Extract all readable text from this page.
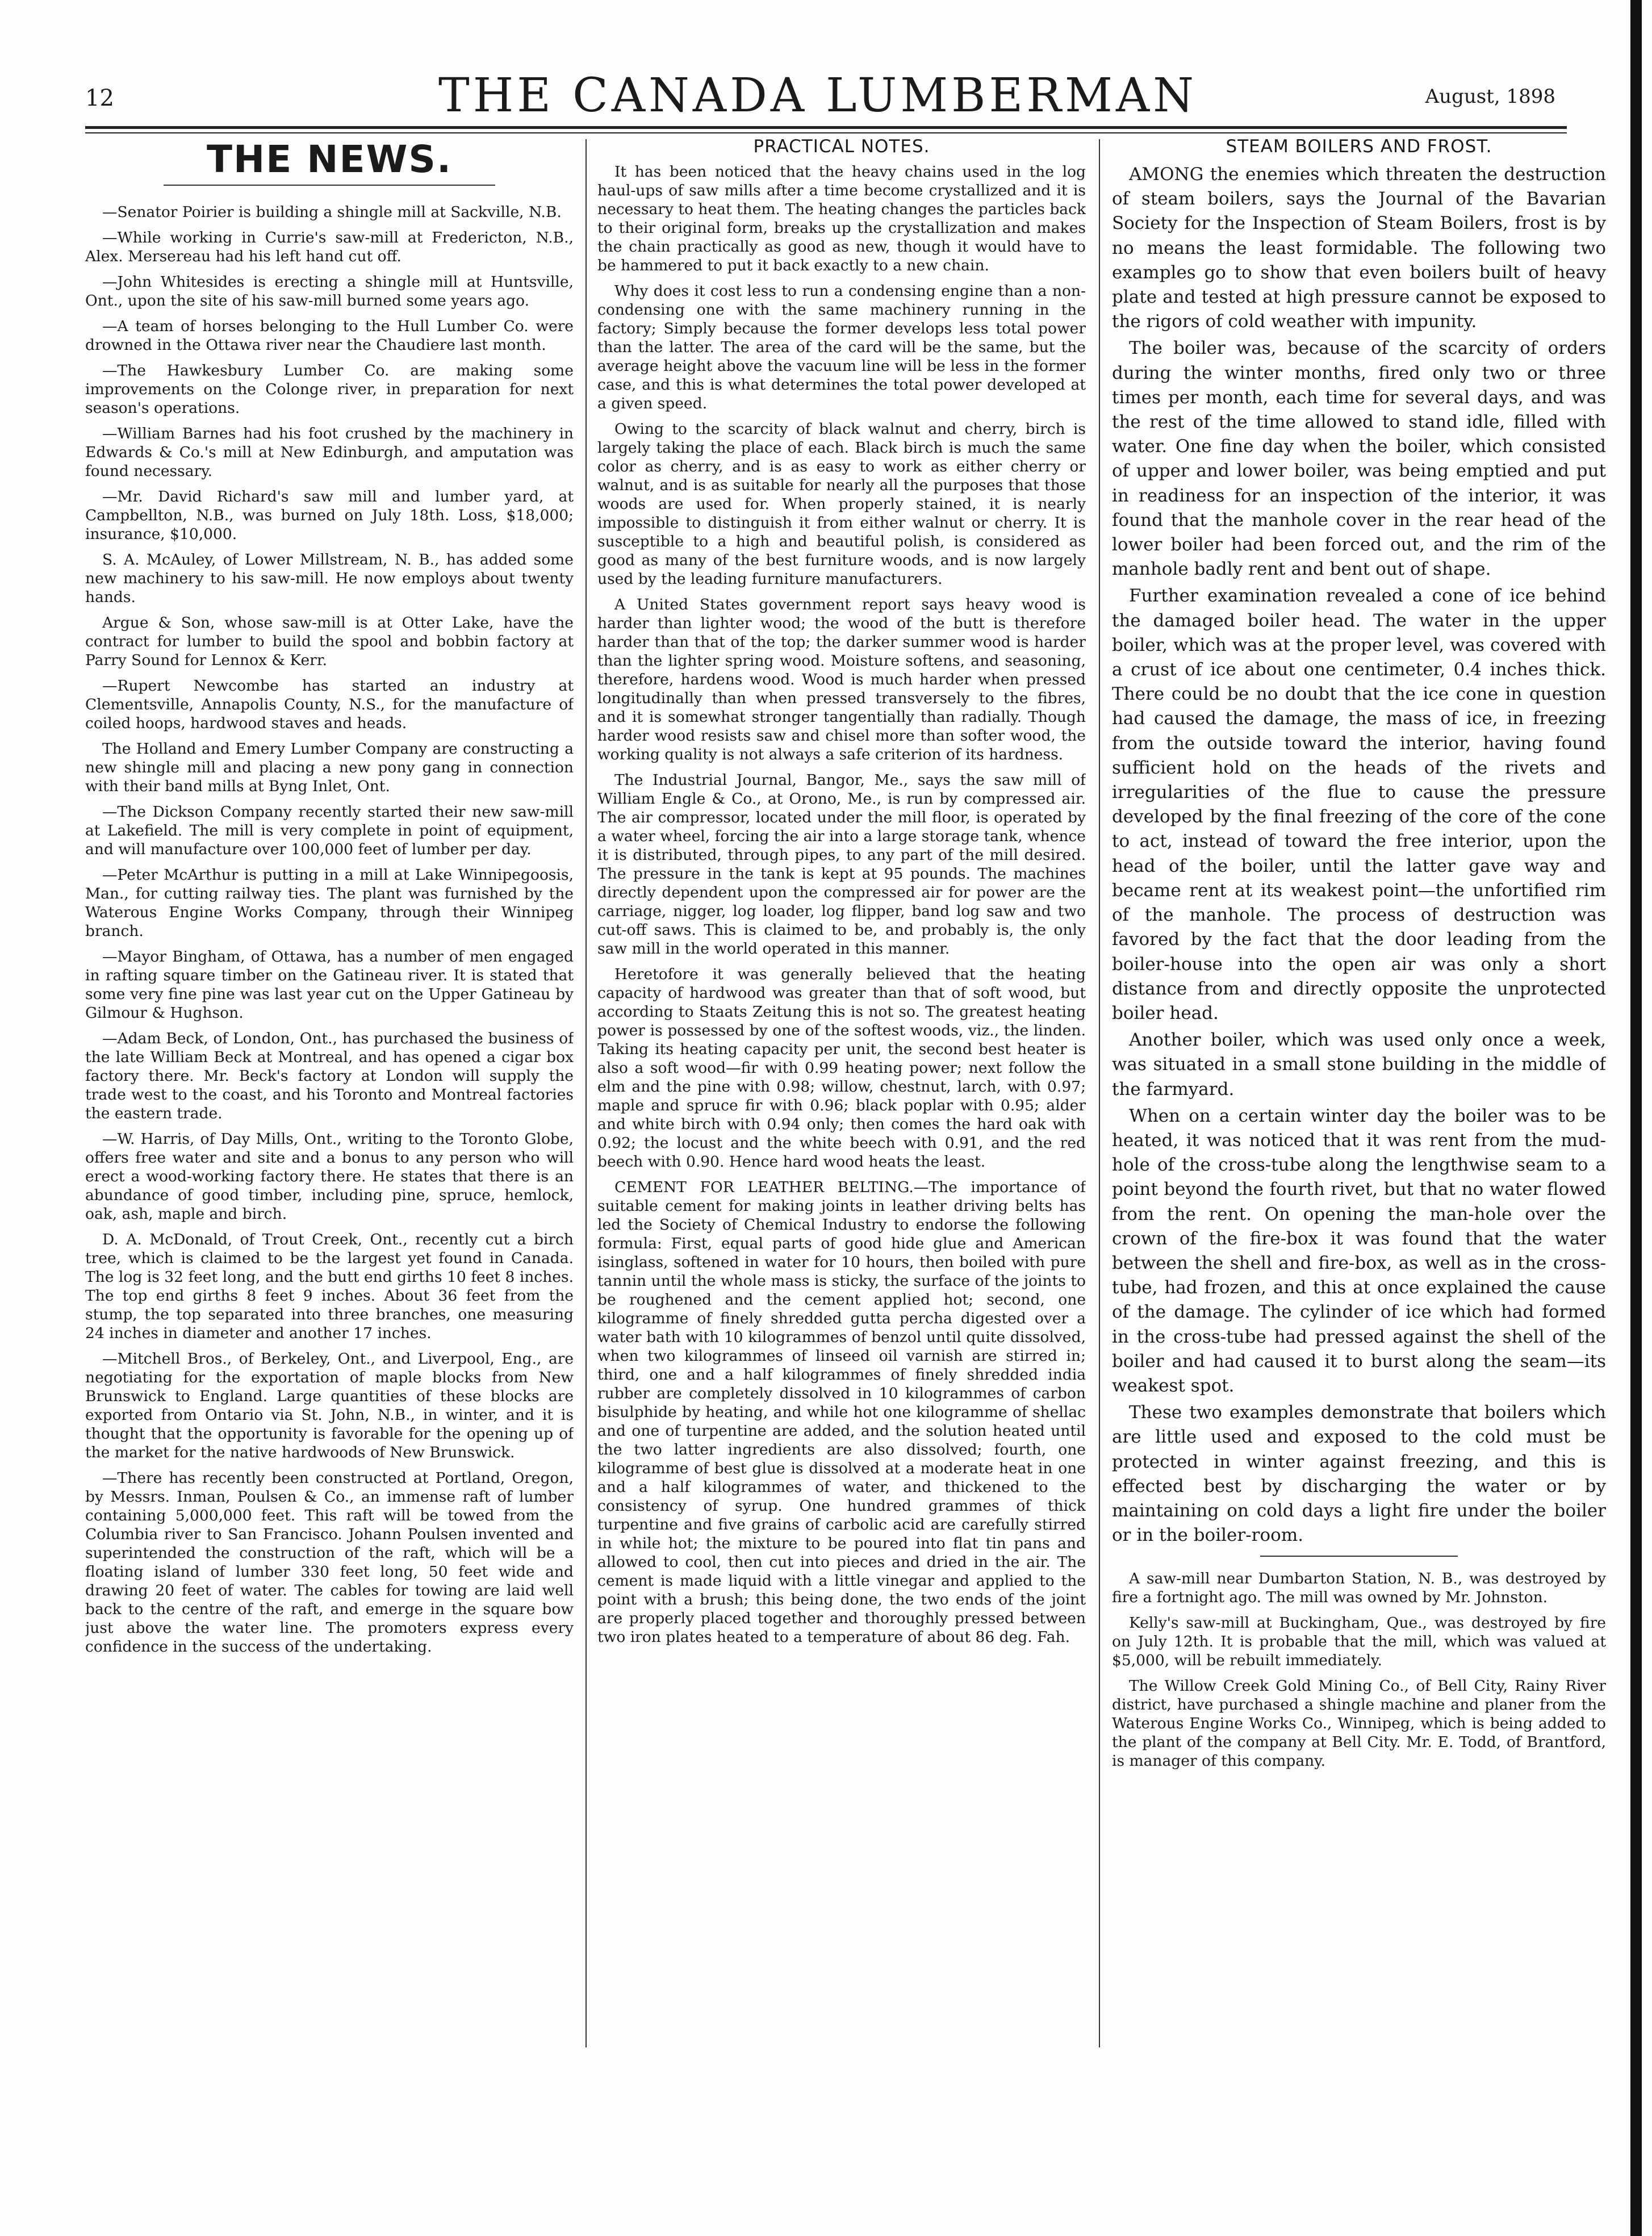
12	THE CANADA LUMBERMAN	August, 1898
THE NEWS.

—Senator Poirier is building a shingle mill at Sackville, N.B.

—While working in Currie's saw-mill at Fredericton, N.B., Alex. Mersereau had his left hand cut off.

—John Whitesides is erecting a shingle mill at Huntsville, Ont., upon the site of his saw-mill burned some years ago.

—A team of horses belonging to the Hull Lumber Co. were drowned in the Ottawa river near the Chaudiere last month.

—The Hawkesbury Lumber Co. are making some improvements on the Colonge river, in preparation for next season's operations.

—William Barnes had his foot crushed by the machinery in Edwards & Co.'s mill at New Edinburgh, and amputation was found necessary.

—Mr. David Richard's saw mill and lumber yard, at Campbellton, N.B., was burned on July 18th. Loss, $18,000; insurance, $10,000.

S. A. McAuley, of Lower Millstream, N. B., has added some new machinery to his saw-mill. He now employs about twenty hands.

Argue & Son, whose saw-mill is at Otter Lake, have the contract for lumber to build the spool and bobbin factory at Parry Sound for Lennox & Kerr.

—Rupert Newcombe has started an industry at Clementsville, Annapolis County, N.S., for the manufacture of coiled hoops, hardwood staves and heads.

The Holland and Emery Lumber Company are constructing a new shingle mill and placing a new pony gang in connection with their band mills at Byng Inlet, Ont.

—The Dickson Company recently started their new saw-mill at Lakefield. The mill is very complete in point of equipment, and will manufacture over 100,000 feet of lumber per day.

—Peter McArthur is putting in a mill at Lake Winnipegoosis, Man., for cutting railway ties. The plant was furnished by the Waterous Engine Works Company, through their Winnipeg branch.

—Mayor Bingham, of Ottawa, has a number of men engaged in rafting square timber on the Gatineau river. It is stated that some very fine pine was last year cut on the Upper Gatineau by Gilmour & Hughson.

—Adam Beck, of London, Ont., has purchased the business of the late William Beck at Montreal, and has opened a cigar box factory there. Mr. Beck's factory at London will supply the trade west to the coast, and his Toronto and Montreal factories the eastern trade.

—W. Harris, of Day Mills, Ont., writing to the Toronto Globe, offers free water and site and a bonus to any person who will erect a wood-working factory there. He states that there is an abundance of good timber, including pine, spruce, hemlock, oak, ash, maple and birch.

D. A. McDonald, of Trout Creek, Ont., recently cut a birch tree, which is claimed to be the largest yet found in Canada. The log is 32 feet long, and the butt end girths 10 feet 8 inches. The top end girths 8 feet 9 inches. About 36 feet from the stump, the top separated into three branches, one measuring 24 inches in diameter and another 17 inches.

—Mitchell Bros., of Berkeley, Ont., and Liverpool, Eng., are negotiating for the exportation of maple blocks from New Brunswick to England. Large quantities of these blocks are exported from Ontario via St. John, N.B., in winter, and it is thought that the opportunity is favorable for the opening up of the market for the native hardwoods of New Brunswick.

—There has recently been constructed at Portland, Oregon, by Messrs. Inman, Poulsen & Co., an immense raft of lumber containing 5,000,000 feet. This raft will be towed from the Columbia river to San Francisco. Johann Poulsen invented and superintended the construction of the raft, which will be a floating island of lumber 330 feet long, 50 feet wide and drawing 20 feet of water. The cables for towing are laid well back to the centre of the raft, and emerge in the square bow just above the water line. The promoters express every confidence in the success of the undertaking.

PRACTICAL NOTES.

It has been noticed that the heavy chains used in the log haul-ups of saw mills after a time become crystallized and it is necessary to heat them. The heating changes the particles back to their original form, breaks up the crystallization and makes the chain practically as good as new, though it would have to be hammered to put it back exactly to a new chain.

Why does it cost less to run a condensing engine than a non-condensing one with the same machinery running in the factory; Simply because the former develops less total power than the latter. The area of the card will be the same, but the average height above the vacuum line will be less in the former case, and this is what determines the total power developed at a given speed.

Owing to the scarcity of black walnut and cherry, birch is largely taking the place of each. Black birch is much the same color as cherry, and is as easy to work as either cherry or walnut, and is as suitable for nearly all the purposes that those woods are used for. When properly stained, it is nearly impossible to distinguish it from either walnut or cherry. It is susceptible to a high and beautiful polish, is considered as good as many of the best furniture woods, and is now largely used by the leading furniture manufacturers.

A United States government report says heavy wood is harder than lighter wood; the wood of the butt is therefore harder than that of the top; the darker summer wood is harder than the lighter spring wood. Moisture softens, and seasoning, therefore, hardens wood. Wood is much harder when pressed longitudinally than when pressed transversely to the fibres, and it is somewhat stronger tangentially than radially. Though harder wood resists saw and chisel more than softer wood, the working quality is not always a safe criterion of its hardness.

The Industrial Journal, Bangor, Me., says the saw mill of William Engle & Co., at Orono, Me., is run by compressed air. The air compressor, located under the mill floor, is operated by a water wheel, forcing the air into a large storage tank, whence it is distributed, through pipes, to any part of the mill desired. The pressure in the tank is kept at 95 pounds. The machines directly dependent upon the compressed air for power are the carriage, nigger, log loader, log flipper, band log saw and two cut-off saws. This is claimed to be, and probably is, the only saw mill in the world operated in this manner.

Heretofore it was generally believed that the heating capacity of hardwood was greater than that of soft wood, but according to Staats Zeitung this is not so. The greatest heating power is possessed by one of the softest woods, viz., the linden. Taking its heating capacity per unit, the second best heater is also a soft wood—fir with 0.99 heating power; next follow the elm and the pine with 0.98; willow, chestnut, larch, with 0.97; maple and spruce fir with 0.96; black poplar with 0.95; alder and white birch with 0.94 only; then comes the hard oak with 0.92; the locust and the white beech with 0.91, and the red beech with 0.90. Hence hard wood heats the least.

CEMENT FOR LEATHER BELTING.—The importance of suitable cement for making joints in leather driving belts has led the Society of Chemical Industry to endorse the following formula: First, equal parts of good hide glue and American isinglass, softened in water for 10 hours, then boiled with pure tannin until the whole mass is sticky, the surface of the joints to be roughened and the cement applied hot; second, one kilogramme of finely shredded gutta percha digested over a water bath with 10 kilogrammes of benzol until quite dissolved, when two kilogrammes of linseed oil varnish are stirred in; third, one and a half kilogrammes of finely shredded india rubber are completely dissolved in 10 kilogrammes of carbon bisulphide by heating, and while hot one kilogramme of shellac and one of turpentine are added, and the solution heated until the two latter ingredients are also dissolved; fourth, one kilogramme of best glue is dissolved at a moderate heat in one and a half kilogrammes of water, and thickened to the consistency of syrup. One hundred grammes of thick turpentine and five grains of carbolic acid are carefully stirred in while hot; the mixture to be poured into flat tin pans and allowed to cool, then cut into pieces and dried in the air. The cement is made liquid with a little vinegar and applied to the point with a brush; this being done, the two ends of the joint are properly placed together and thoroughly pressed between two iron plates heated to a temperature of about 86 deg. Fah.

STEAM BOILERS AND FROST.

AMONG the enemies which threaten the destruction of steam boilers, says the Journal of the Bavarian Society for the Inspection of Steam Boilers, frost is by no means the least formidable. The following two examples go to show that even boilers built of heavy plate and tested at high pressure cannot be exposed to the rigors of cold weather with impunity.

The boiler was, because of the scarcity of orders during the winter months, fired only two or three times per month, each time for several days, and was the rest of the time allowed to stand idle, filled with water. One fine day when the boiler, which consisted of upper and lower boiler, was being emptied and put in readiness for an inspection of the interior, it was found that the manhole cover in the rear head of the lower boiler had been forced out, and the rim of the manhole badly rent and bent out of shape.

Further examination revealed a cone of ice behind the damaged boiler head. The water in the upper boiler, which was at the proper level, was covered with a crust of ice about one centimeter, 0.4 inches thick. There could be no doubt that the ice cone in question had caused the damage, the mass of ice, in freezing from the outside toward the interior, having found sufficient hold on the heads of the rivets and irregularities of the flue to cause the pressure developed by the final freezing of the core of the cone to act, instead of toward the free interior, upon the head of the boiler, until the latter gave way and became rent at its weakest point—the unfortified rim of the manhole. The process of destruction was favored by the fact that the door leading from the boiler-house into the open air was only a short distance from and directly opposite the unprotected boiler head.

Another boiler, which was used only once a week, was situated in a small stone building in the middle of the farmyard.

When on a certain winter day the boiler was to be heated, it was noticed that it was rent from the mud-hole of the cross-tube along the lengthwise seam to a point beyond the fourth rivet, but that no water flowed from the rent. On opening the man-hole over the crown of the fire-box it was found that the water between the shell and fire-box, as well as in the cross-tube, had frozen, and this at once explained the cause of the damage. The cylinder of ice which had formed in the cross-tube had pressed against the shell of the boiler and had caused it to burst along the seam—its weakest spot.

These two examples demonstrate that boilers which are little used and exposed to the cold must be protected in winter against freezing, and this is effected best by discharging the water or by maintaining on cold days a light fire under the boiler or in the boiler-room.

A saw-mill near Dumbarton Station, N. B., was destroyed by fire a fortnight ago. The mill was owned by Mr. Johnston.

Kelly's saw-mill at Buckingham, Que., was destroyed by fire on July 12th. It is probable that the mill, which was valued at $5,000, will be rebuilt immediately.

The Willow Creek Gold Mining Co., of Bell City, Rainy River district, have purchased a shingle machine and planer from the Waterous Engine Works Co., Winnipeg, which is being added to the plant of the company at Bell City. Mr. E. Todd, of Brantford, is manager of this company.
